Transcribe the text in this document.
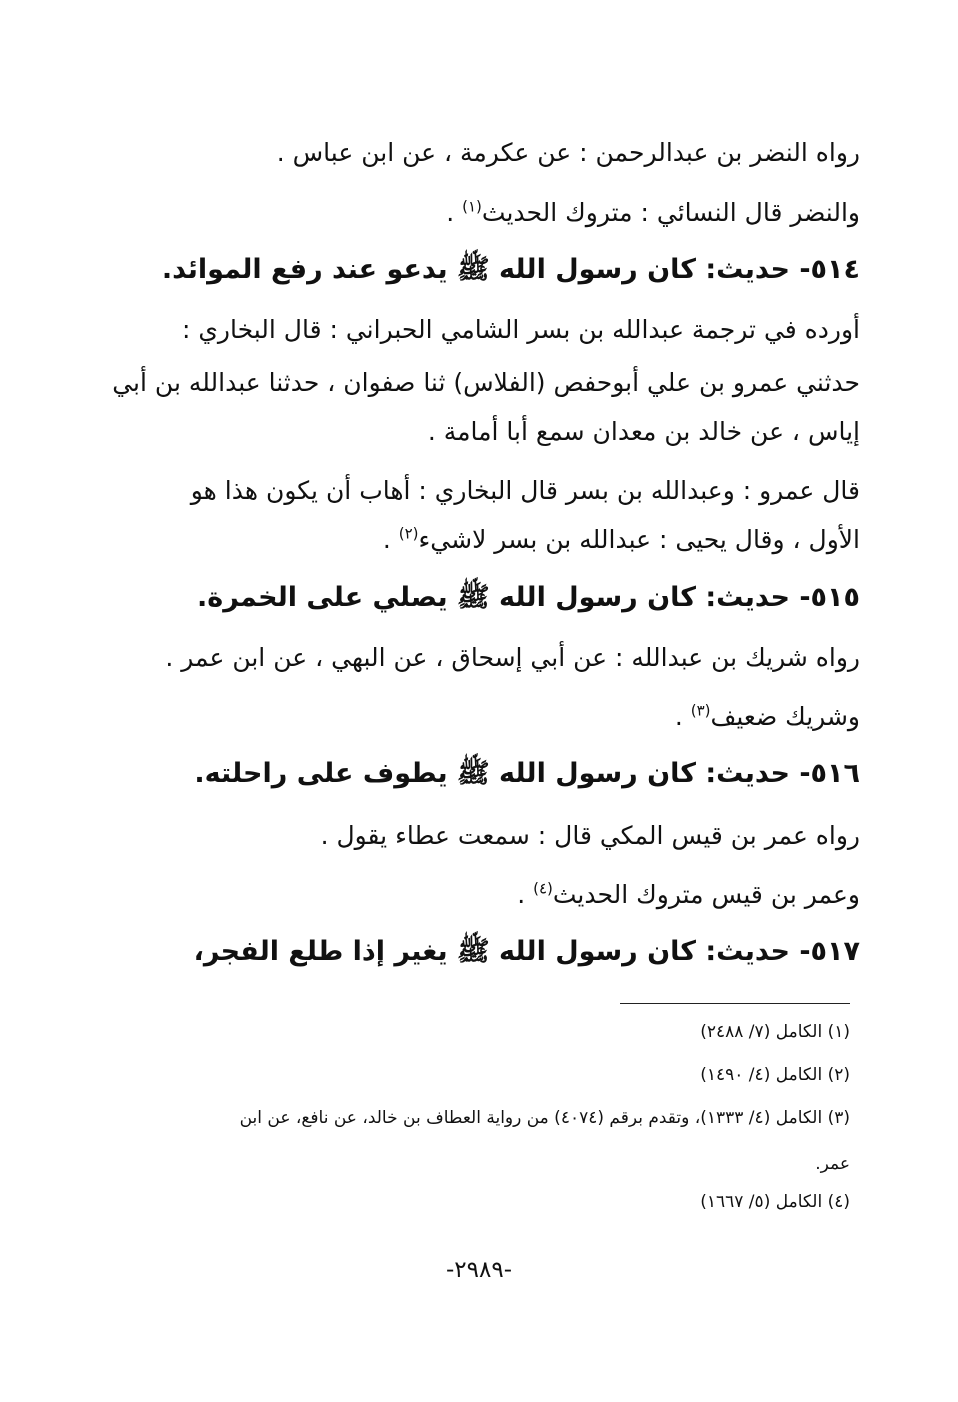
رواه النضر بن عبدالرحمن : عن عكرمة ، عن ابن عباس .
والنضر قال النسائي : متروك الحديث$^{(١)}$ .
٥١٤- حديث: كان رسول الله ﷺ يدعو عند رفع الموائد.
أورده في ترجمة عبدالله بن بسر الشامي الحبراني : قال البخاري :
حدثني عمرو بن علي أبوحفص (الفلاس) ثنا صفوان ، حدثنا عبدالله بن أبي
إياس ، عن خالد بن معدان سمع أبا أمامة .
قال عمرو : وعبدالله بن بسر قال البخاري : أهاب أن يكون هذا هو
الأول ، وقال يحيى : عبدالله بن بسر لاشيء$^{(٢)}$ .
٥١٥- حديث: كان رسول الله ﷺ يصلي على الخمرة.
رواه شريك بن عبدالله : عن أبي إسحاق ، عن البهي ، عن ابن عمر .
وشريك ضعيف$^{(٣)}$ .
٥١٦- حديث: كان رسول الله ﷺ يطوف على راحلته.
رواه عمر بن قيس المكي قال : سمعت عطاء يقول .
وعمر بن قيس متروك الحديث$^{(٤)}$ .
٥١٧- حديث: كان رسول الله ﷺ يغير إذا طلع الفجر،
(١) الكامل (٧/ ٢٤٨٨)
(٢) الكامل (٤/ ١٤٩٠)
(٣) الكامل (٤/ ١٣٣٣)، وتقدم برقم (٤٠٧٤) من رواية العطاف بن خالد، عن نافع، عن ابن
عمر.
(٤) الكامل (٥/ ١٦٦٧)
-٢٩٨٩-
